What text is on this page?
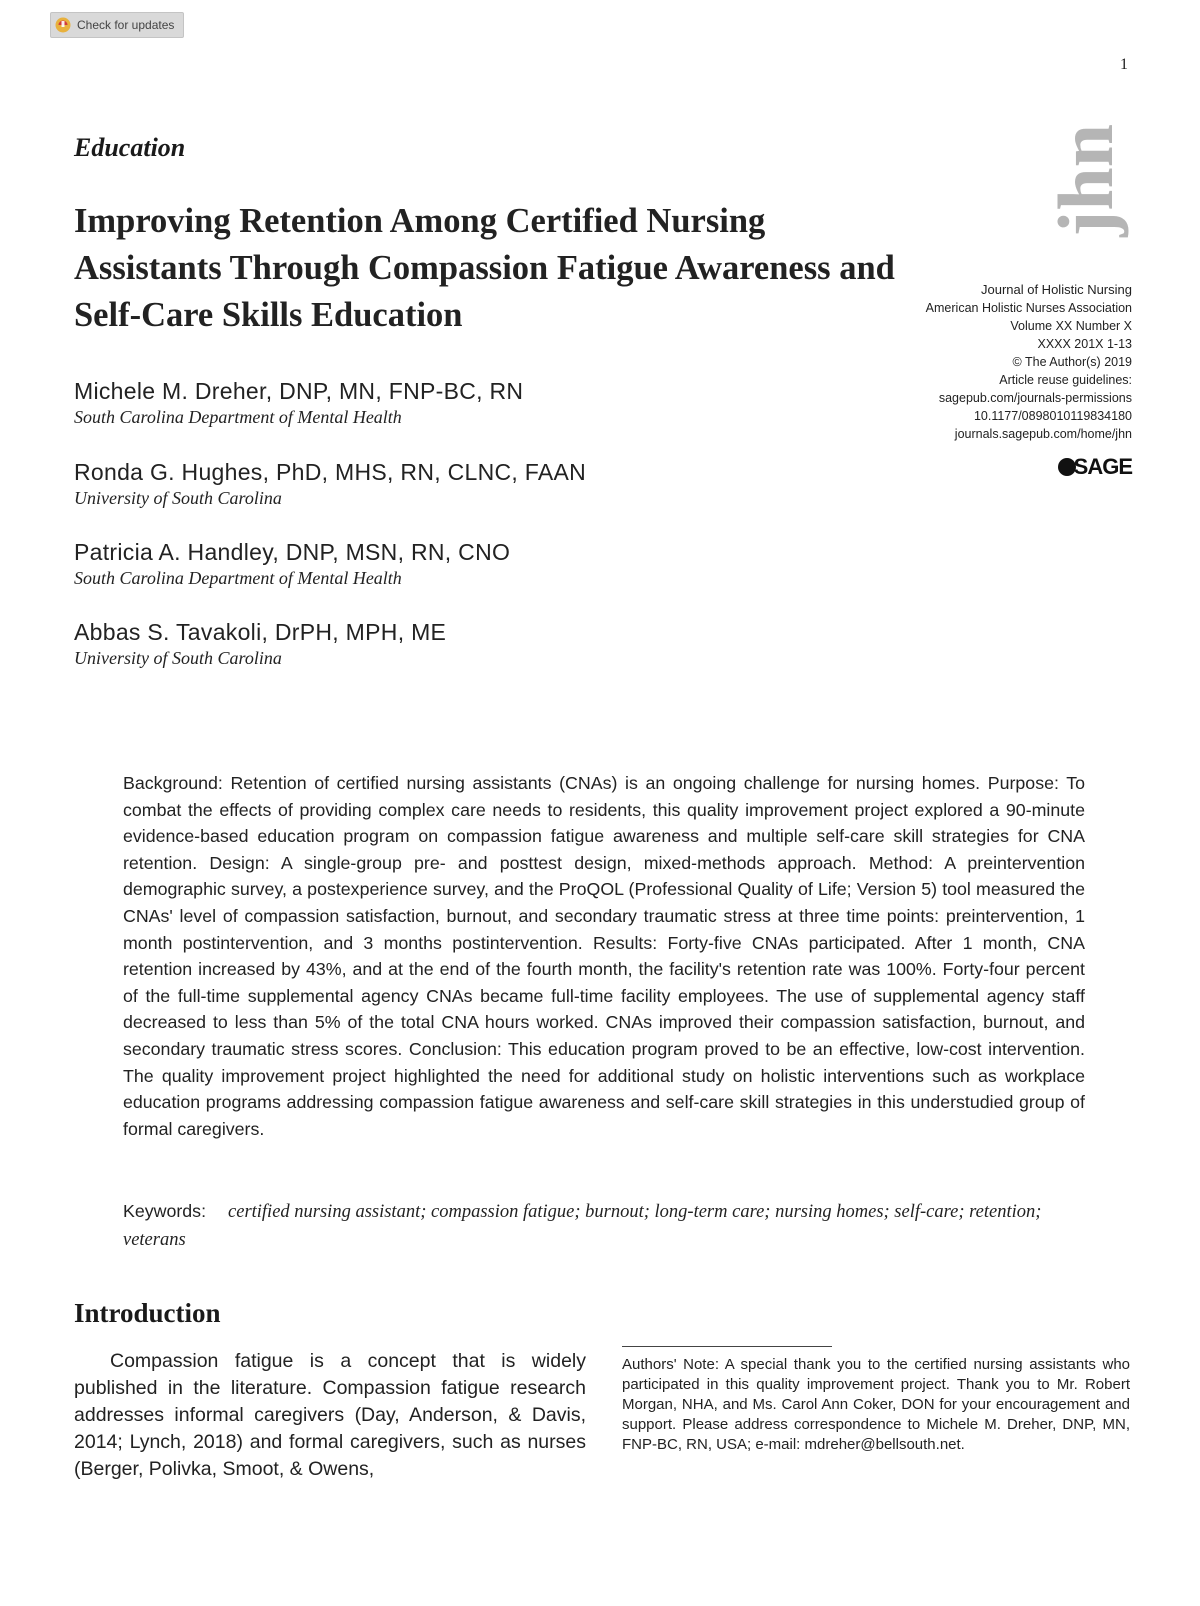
Check for updates
1
Education
Improving Retention Among Certified Nursing Assistants Through Compassion Fatigue Awareness and Self-Care Skills Education
jhn
Journal of Holistic Nursing
American Holistic Nurses Association
Volume XX Number X
XXXX 201X 1-13
© The Author(s) 2019
Article reuse guidelines:
sagepub.com/journals-permissions
10.1177/0898010119834180
journals.sagepub.com/home/jhn
SAGE
Michele M. Dreher, DNP, MN, FNP-BC, RN
South Carolina Department of Mental Health
Ronda G. Hughes, PhD, MHS, RN, CLNC, FAAN
University of South Carolina
Patricia A. Handley, DNP, MSN, RN, CNO
South Carolina Department of Mental Health
Abbas S. Tavakoli, DrPH, MPH, ME
University of South Carolina

Background: Retention of certified nursing assistants (CNAs) is an ongoing challenge for nursing homes. Purpose: To combat the effects of providing complex care needs to residents, this quality improvement project explored a 90-minute evidence-based education program on compassion fatigue awareness and multiple self-care skill strategies for CNA retention. Design: A single-group pre- and posttest design, mixed-methods approach. Method: A preintervention demographic survey, a postexperience survey, and the ProQOL (Professional Quality of Life; Version 5) tool measured the CNAs' level of compassion satisfaction, burnout, and secondary traumatic stress at three time points: preintervention, 1 month postintervention, and 3 months postintervention. Results: Forty-five CNAs participated. After 1 month, CNA retention increased by 43%, and at the end of the fourth month, the facility's retention rate was 100%. Forty-four percent of the full-time supplemental agency CNAs became full-time facility employees. The use of supplemental agency staff decreased to less than 5% of the total CNA hours worked. CNAs improved their compassion satisfaction, burnout, and secondary traumatic stress scores. Conclusion: This education program proved to be an effective, low-cost intervention. The quality improvement project highlighted the need for additional study on holistic interventions such as workplace education programs addressing compassion fatigue awareness and self-care skill strategies in this understudied group of formal caregivers.

Keywords: certified nursing assistant; compassion fatigue; burnout; long-term care; nursing homes; self-care; retention; veterans

Introduction

Compassion fatigue is a concept that is widely published in the literature. Compassion fatigue research addresses informal caregivers (Day, Anderson, & Davis, 2014; Lynch, 2018) and formal caregivers, such as nurses (Berger, Polivka, Smoot, & Owens,

Authors' Note: A special thank you to the certified nursing assistants who participated in this quality improvement project. Thank you to Mr. Robert Morgan, NHA, and Ms. Carol Ann Coker, DON for your encouragement and support. Please address correspondence to Michele M. Dreher, DNP, MN, FNP-BC, RN, USA; e-mail: mdreher@bellsouth.net.
